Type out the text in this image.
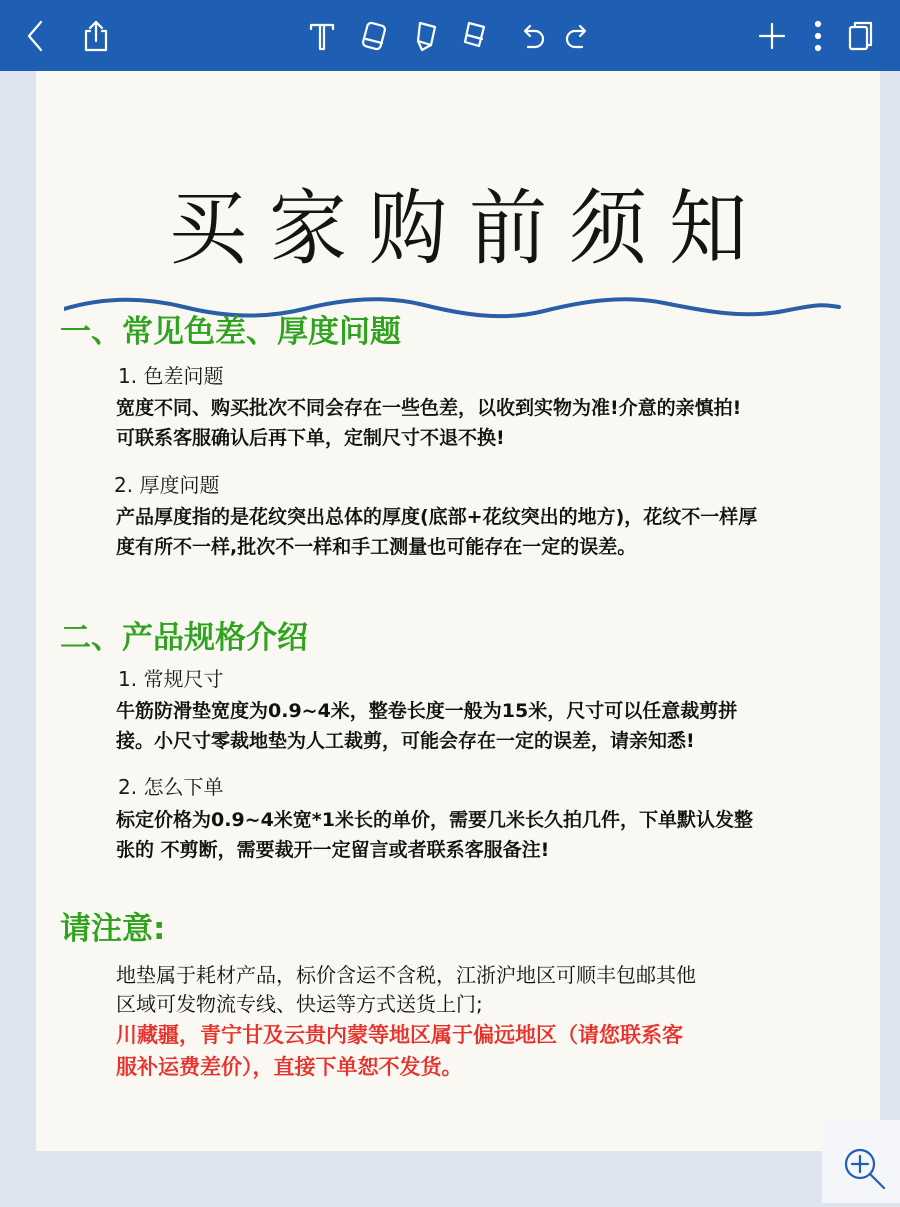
买家购前须知
一、常见色差、厚度问题
1. 色差问题
宽度不同、购买批次不同会存在一些色差，以收到实物为准!介意的亲慎拍!
可联系客服确认后再下单，定制尺寸不退不换!
2. 厚度问题
产品厚度指的是花纹突出总体的厚度(底部+花纹突出的地方)，花纹不一样厚
度有所不一样,批次不一样和手工测量也可能存在一定的误差。
二、产品规格介绍
1. 常规尺寸
牛筋防滑垫宽度为0.9~4米，整卷长度一般为15米，尺寸可以任意裁剪拼
接。小尺寸零裁地垫为人工裁剪，可能会存在一定的误差，请亲知悉!
2. 怎么下单
标定价格为0.9~4米宽*1米长的单价，需要几米长久拍几件，下单默认发整
张的 不剪断，需要裁开一定留言或者联系客服备注!
请注意:
地垫属于耗材产品，标价含运不含税，江浙沪地区可顺丰包邮其他
区域可发物流专线、快运等方式送货上门;
川藏疆，青宁甘及云贵内蒙等地区属于偏远地区（请您联系客
服补运费差价），直接下单恕不发货。
